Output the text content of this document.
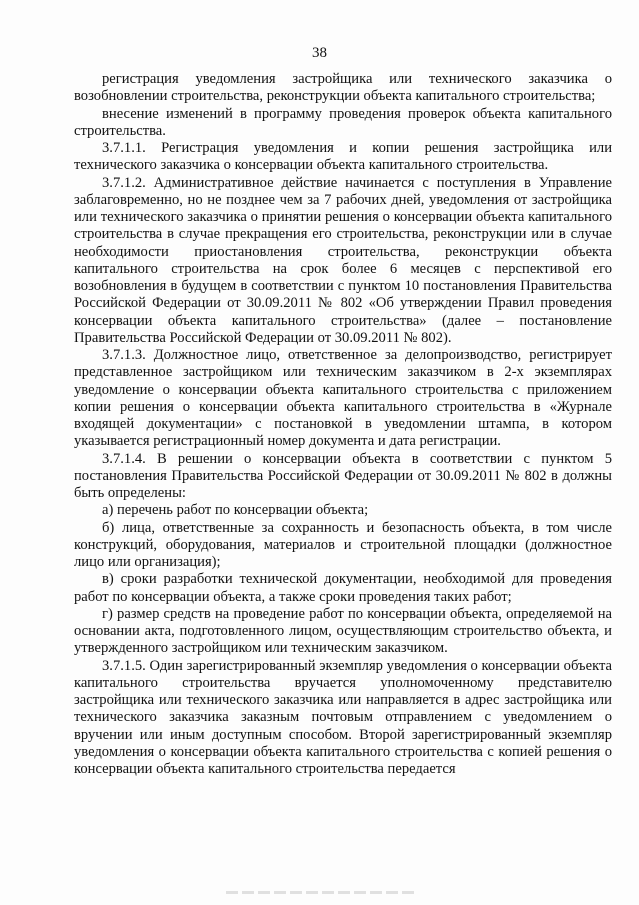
38

регистрация уведомления застройщика или технического заказчика о возобновлении строительства, реконструкции объекта капитального строительства;

внесение изменений в программу проведения проверок объекта капитального строительства.

3.7.1.1. Регистрация уведомления и копии решения застройщика или технического заказчика о консервации объекта капитального строительства.

3.7.1.2. Административное действие начинается с поступления в Управление заблаговременно, но не позднее чем за 7 рабочих дней, уведомления от застройщика или технического заказчика о принятии решения о консервации объекта капитального строительства в случае прекращения его строительства, реконструкции или в случае необходимости приостановления строительства, реконструкции объекта капитального строительства на срок более 6 месяцев с перспективой его возобновления в будущем в соответствии с пунктом 10 постановления Правительства Российской Федерации от 30.09.2011 № 802 «Об утверждении Правил проведения консервации объекта капитального строительства» (далее – постановление Правительства Российской Федерации от 30.09.2011 № 802).

3.7.1.3. Должностное лицо, ответственное за делопроизводство, регистрирует представленное застройщиком или техническим заказчиком в 2-х экземплярах уведомление о консервации объекта капитального строительства с приложением копии решения о консервации объекта капитального строительства в «Журнале входящей документации» с постановкой в уведомлении штампа, в котором указывается регистрационный номер документа и дата регистрации.

3.7.1.4. В решении о консервации объекта в соответствии с пунктом 5 постановления Правительства Российской Федерации от 30.09.2011 № 802 в должны быть определены:

а) перечень работ по консервации объекта;

б) лица, ответственные за сохранность и безопасность объекта, в том числе конструкций, оборудования, материалов и строительной площадки (должностное лицо или организация);

в) сроки разработки технической документации, необходимой для проведения работ по консервации объекта, а также сроки проведения таких работ;

г) размер средств на проведение работ по консервации объекта, определяемой на основании акта, подготовленного лицом, осуществляющим строительство объекта, и утвержденного застройщиком или техническим заказчиком.

3.7.1.5. Один зарегистрированный экземпляр уведомления о консервации объекта капитального строительства вручается уполномоченному представителю застройщика или технического заказчика или направляется в адрес застройщика или технического заказчика заказным почтовым отправлением с уведомлением о вручении или иным доступным способом. Второй зарегистрированный экземпляр уведомления о консервации объекта капитального строительства с копией решения о консервации объекта капитального строительства передается
